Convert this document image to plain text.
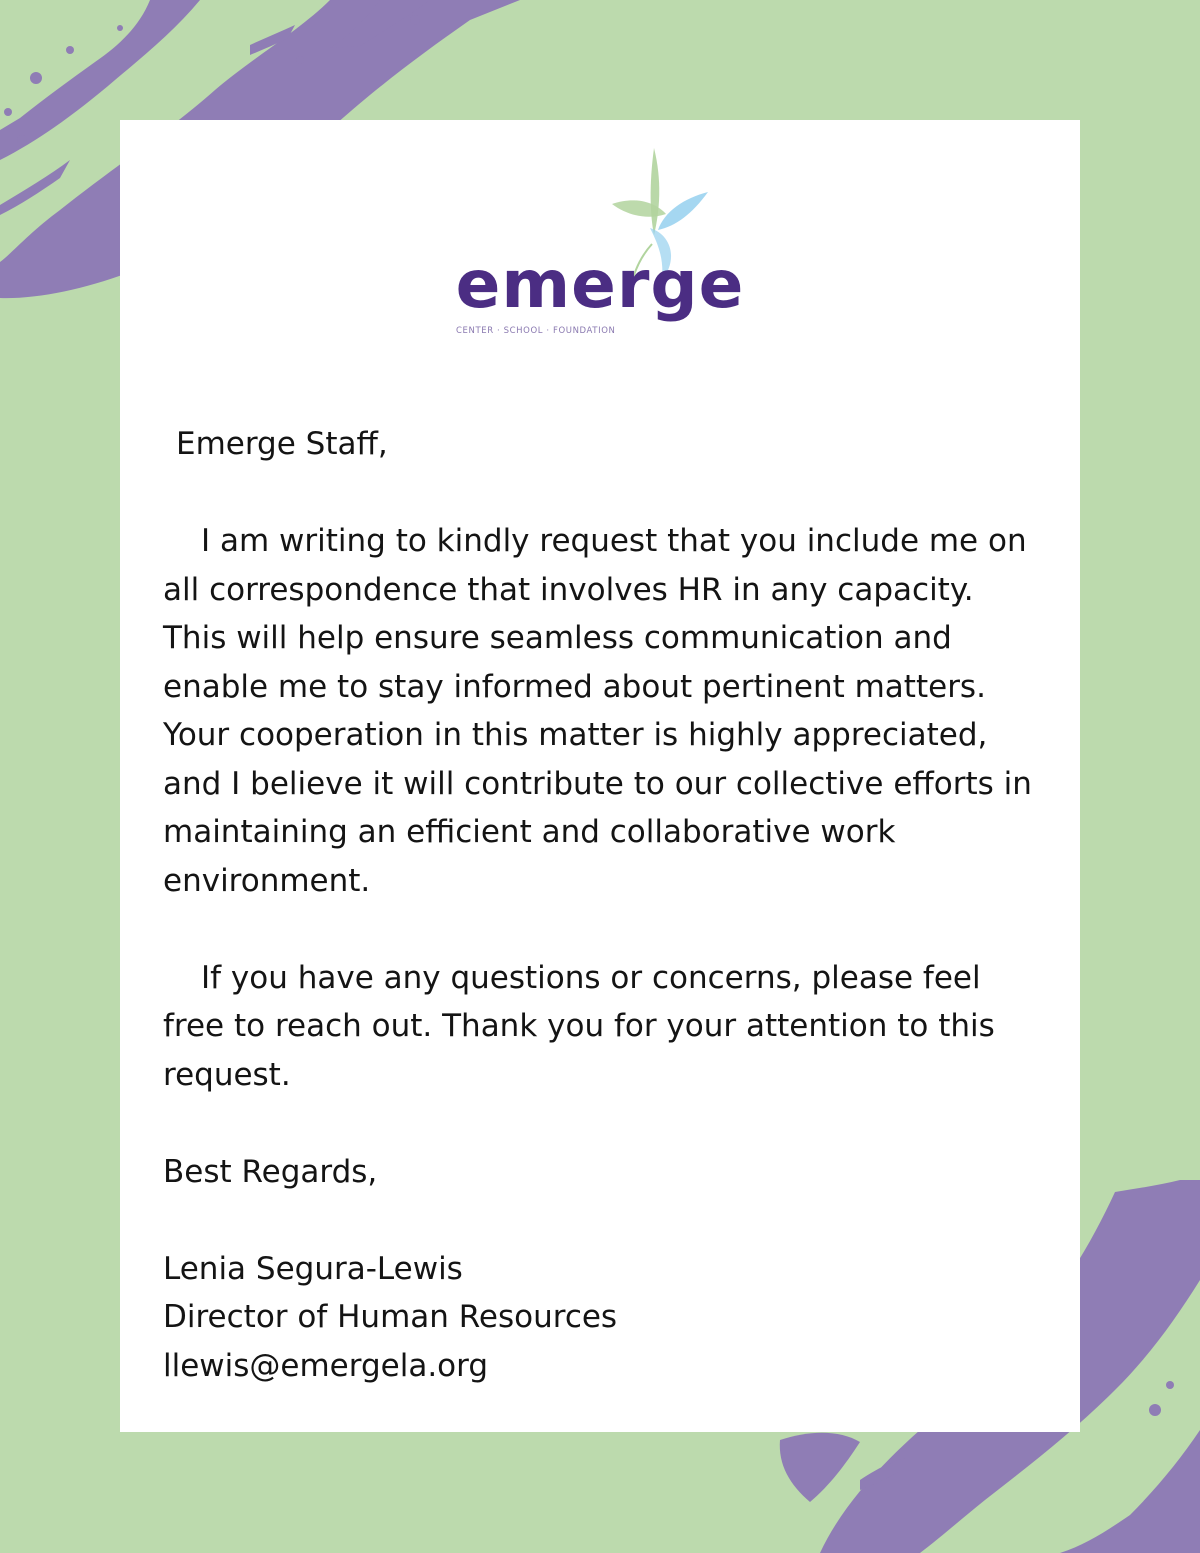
emerge
CENTER · SCHOOL · FOUNDATION

Emerge Staff,

I am writing to kindly request that you include me on all correspondence that involves HR in any capacity. This will help ensure seamless communication and enable me to stay informed about pertinent matters. Your cooperation in this matter is highly appreciated, and I believe it will contribute to our collective efforts in maintaining an efficient and collaborative work environment.

If you have any questions or concerns, please feel free to reach out. Thank you for your attention to this request.

Best Regards,

Lenia Segura-Lewis

Director of Human Resources

llewis@emergela.org
